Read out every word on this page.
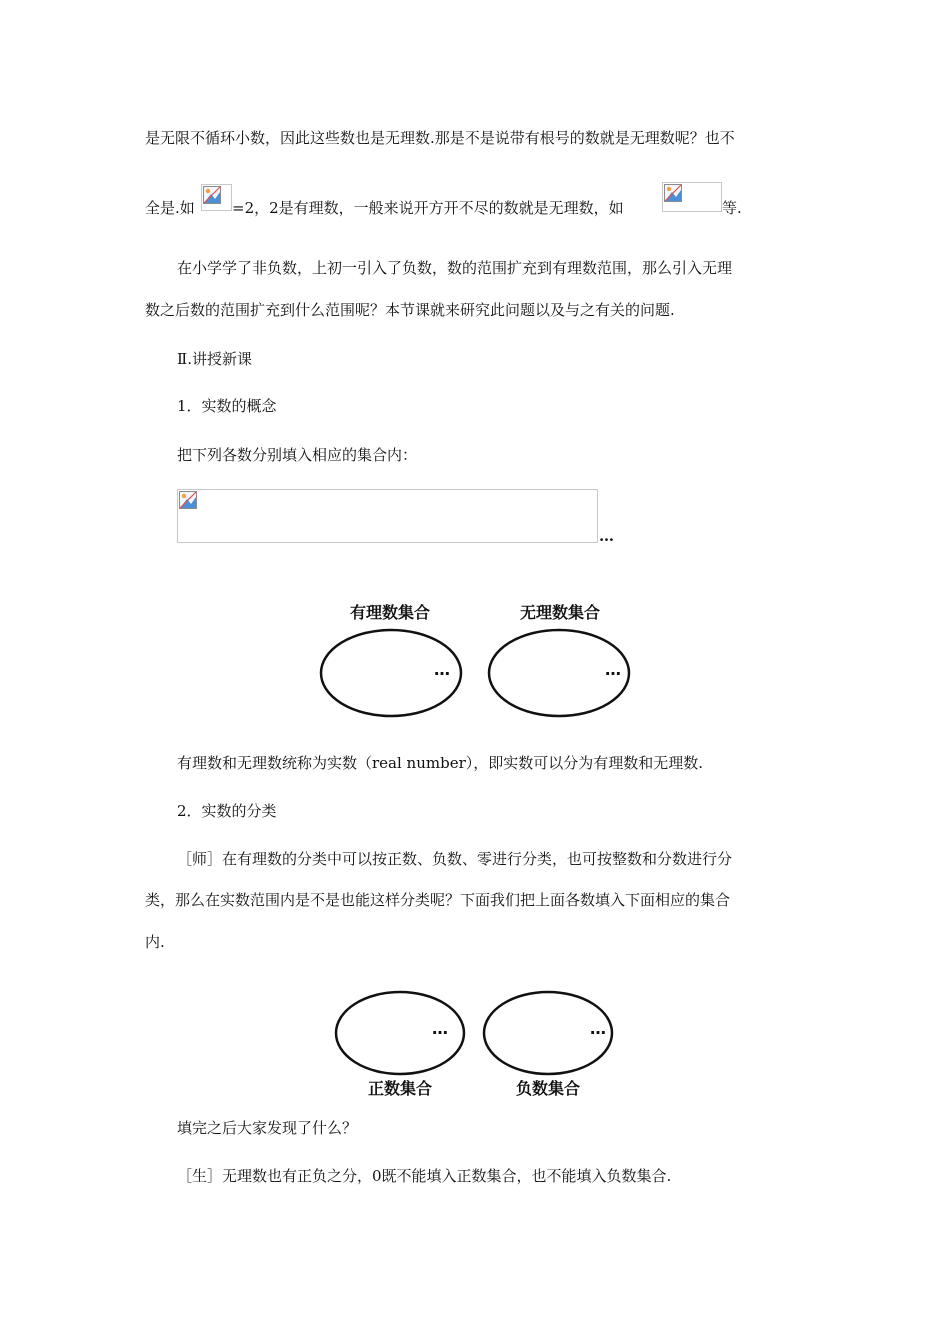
是无限不循环小数，因此这些数也是无理数.那是不是说带有根号的数就是无理数呢？也不
全是.如 =2，2是有理数，一般来说开方开不尽的数就是无理数，如	等.
在小学学了非负数，上初一引入了负数，数的范围扩充到有理数范围，那么引入无理
数之后数的范围扩充到什么范围呢？本节课就来研究此问题以及与之有关的问题.
Ⅱ.讲授新课
1．实数的概念
把下列各数分别填入相应的集合内：
…
有理数集合	无理数集合
…	…
有理数和无理数统称为实数（real number），即实数可以分为有理数和无理数.
2．实数的分类
［师］在有理数的分类中可以按正数、负数、零进行分类，也可按整数和分数进行分
类，那么在实数范围内是不是也能这样分类呢？下面我们把上面各数填入下面相应的集合
内.
…	…
正数集合	负数集合
填完之后大家发现了什么？
［生］无理数也有正负之分，0既不能填入正数集合，也不能填入负数集合.
